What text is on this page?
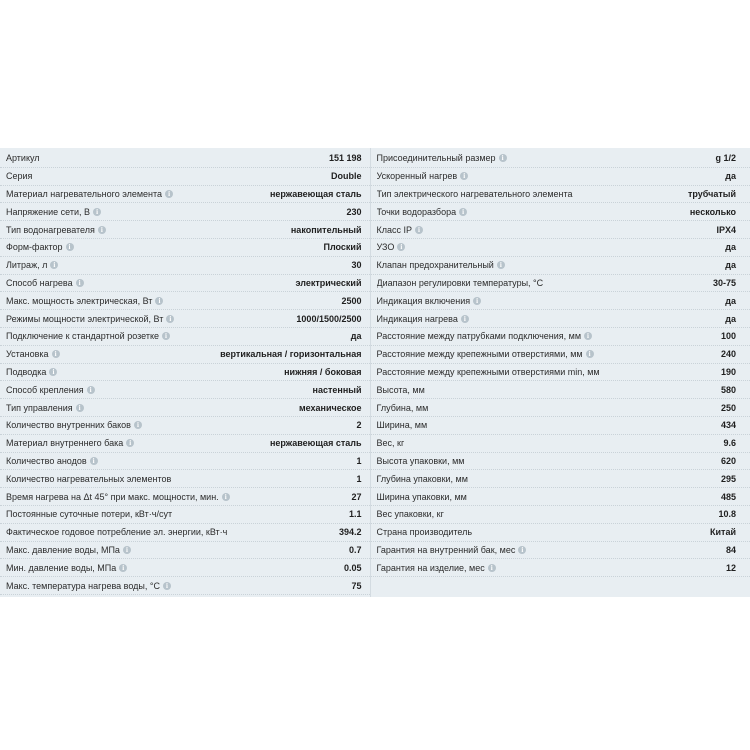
Артикул	151 198
Серия	Double
Материал нагревательного элемента i	нержавеющая сталь
Напряжение сети, В i	230
Тип водонагревателя i	накопительный
Форм-фактор i	Плоский
Литраж, л i	30
Способ нагрева i	электрический
Макс. мощность электрическая, Вт i	2500
Режимы мощности электрической, Вт i	1000/1500/2500
Подключение к стандартной розетке i	да
Установка i	вертикальная / горизонтальная
Подводка i	нижняя / боковая
Способ крепления i	настенный
Тип управления i	механическое
Количество внутренних баков i	2
Материал внутреннего бака i	нержавеющая сталь
Количество анодов i	1
Количество нагревательных элементов	1
Время нагрева на Δt 45° при макс. мощности, мин. i	27
Постоянные суточные потери, кВт·ч/сут	1.1
Фактическое годовое потребление эл. энергии, кВт·ч	394.2
Макс. давление воды, МПа i	0.7
Мин. давление воды, МПа i	0.05
Макс. температура нагрева воды, °С i	75
Присоединительный размер i	g 1/2
Ускоренный нагрев i	да
Тип электрического нагревательного элемента	трубчатый
Точки водоразбора i	несколько
Класс IP i	IPX4
УЗО i	да
Клапан предохранительный i	да
Диапазон регулировки температуры, °С	30-75
Индикация включения i	да
Индикация нагрева i	да
Расстояние между патрубками подключения, мм i	100
Расстояние между крепежными отверстиями, мм i	240
Расстояние между крепежными отверстиями min, мм	190
Высота, мм	580
Глубина, мм	250
Ширина, мм	434
Вес, кг	9.6
Высота упаковки, мм	620
Глубина упаковки, мм	295
Ширина упаковки, мм	485
Вес упаковки, кг	10.8
Страна производитель	Китай
Гарантия на внутренний бак, мес i	84
Гарантия на изделие, мес i	12
